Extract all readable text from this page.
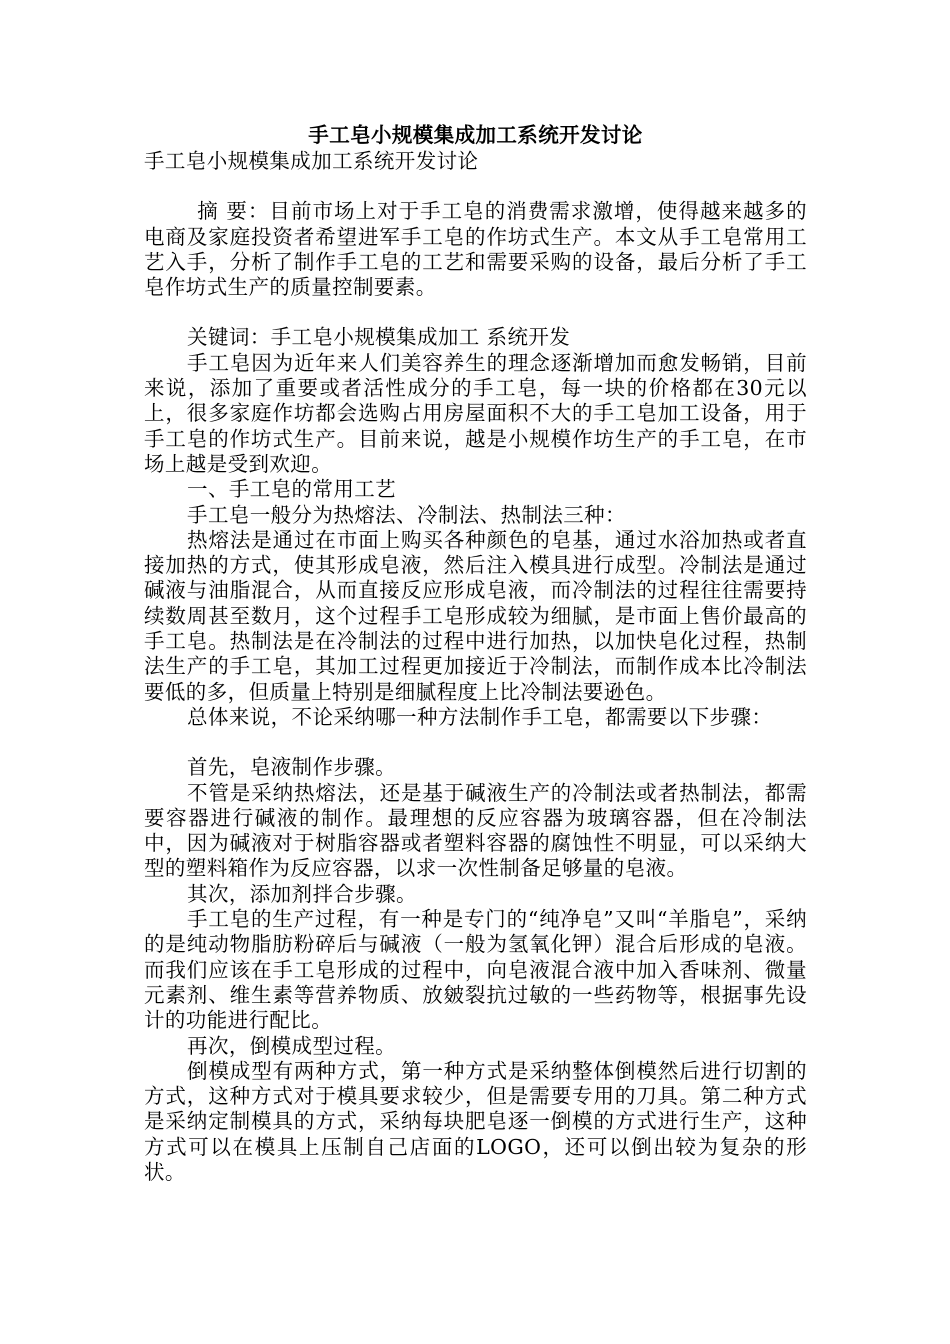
手工皂小规模集成加工系统开发讨论

手工皂小规模集成加工系统开发讨论

摘 要：目前市场上对于手工皂的消费需求激增，使得越来越多的电商及家庭投资者希望进军手工皂的作坊式生产。本文从手工皂常用工艺入手，分析了制作手工皂的工艺和需要采购的设备，最后分析了手工皂作坊式生产的质量控制要素。

关键词：手工皂小规模集成加工 系统开发

手工皂因为近年来人们美容养生的理念逐渐增加而愈发畅销，目前来说，添加了重要或者活性成分的手工皂，每一块的价格都在30元以上，很多家庭作坊都会选购占用房屋面积不大的手工皂加工设备，用于手工皂的作坊式生产。目前来说，越是小规模作坊生产的手工皂，在市场上越是受到欢迎。

一、手工皂的常用工艺

手工皂一般分为热熔法、冷制法、热制法三种：

热熔法是通过在市面上购买各种颜色的皂基，通过水浴加热或者直接加热的方式，使其形成皂液，然后注入模具进行成型。冷制法是通过碱液与油脂混合，从而直接反应形成皂液，而冷制法的过程往往需要持续数周甚至数月，这个过程手工皂形成较为细腻，是市面上售价最高的手工皂。热制法是在冷制法的过程中进行加热，以加快皂化过程，热制法生产的手工皂，其加工过程更加接近于冷制法，而制作成本比冷制法要低的多，但质量上特别是细腻程度上比冷制法要逊色。

总体来说，不论采纳哪一种方法制作手工皂，都需要以下步骤：

首先，皂液制作步骤。

不管是采纳热熔法，还是基于碱液生产的冷制法或者热制法，都需要容器进行碱液的制作。最理想的反应容器为玻璃容器，但在冷制法中，因为碱液对于树脂容器或者塑料容器的腐蚀性不明显，可以采纳大型的塑料箱作为反应容器，以求一次性制备足够量的皂液。

其次，添加剂拌合步骤。

手工皂的生产过程，有一种是专门的“纯净皂”又叫“羊脂皂”，采纳的是纯动物脂肪粉碎后与碱液（一般为氢氧化钾）混合后形成的皂液。而我们应该在手工皂形成的过程中，向皂液混合液中加入香味剂、微量元素剂、维生素等营养物质、放皴裂抗过敏的一些药物等，根据事先设计的功能进行配比。

再次，倒模成型过程。

倒模成型有两种方式，第一种方式是采纳整体倒模然后进行切割的方式，这种方式对于模具要求较少，但是需要专用的刀具。第二种方式是采纳定制模具的方式，采纳每块肥皂逐一倒模的方式进行生产，这种方式可以在模具上压制自己店面的LOGO，还可以倒出较为复杂的形状。
